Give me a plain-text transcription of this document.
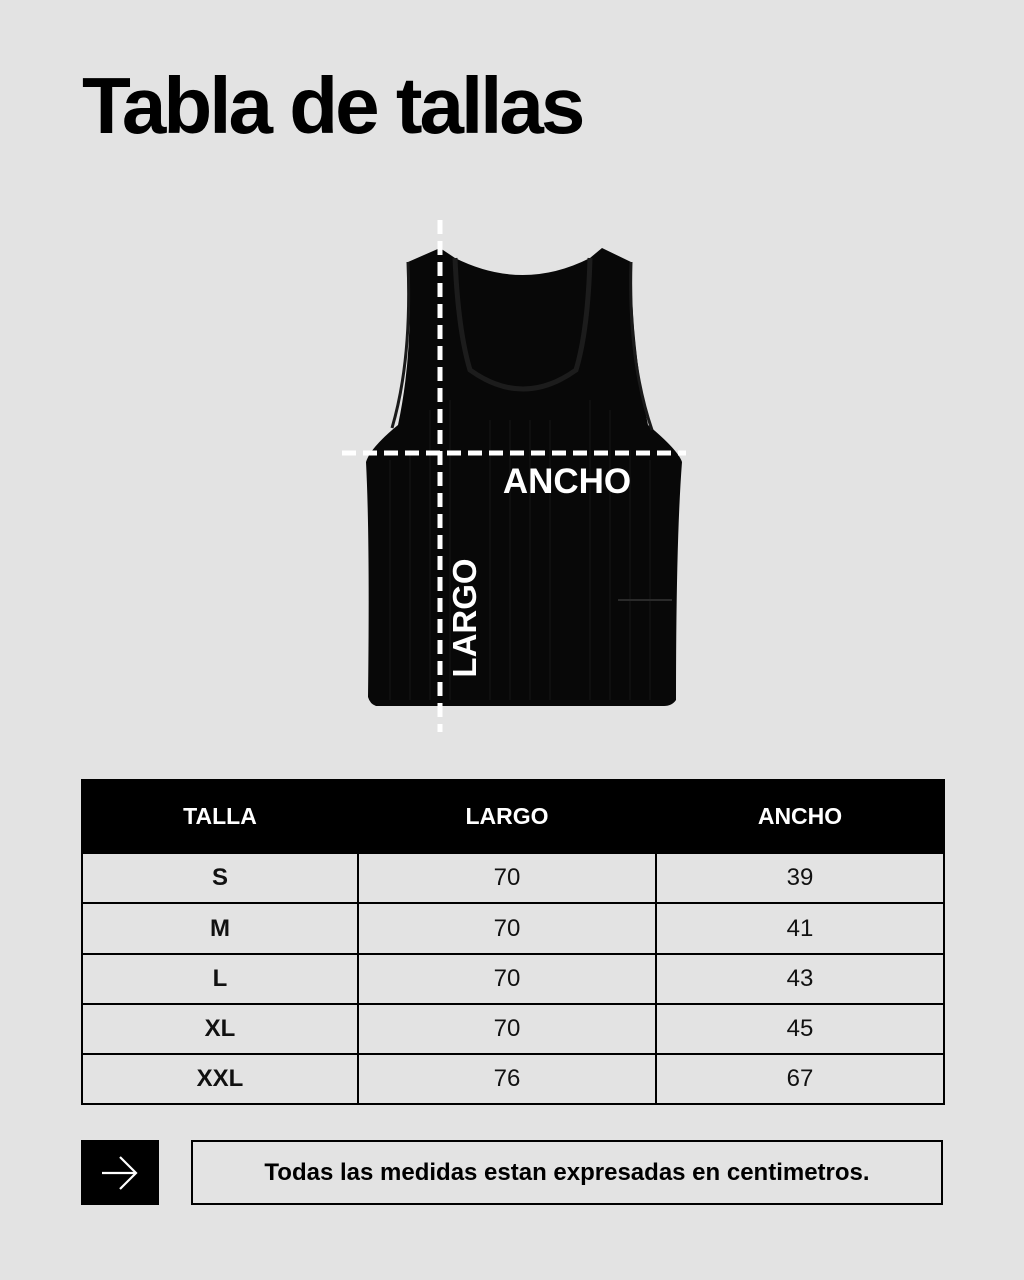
Tabla de tallas
ANCHO
LARGO
TALLA	LARGO	ANCHO
S	70	39
M	70	41
L	70	43
XL	70	45
XXL	76	67
Todas las medidas estan expresadas en centimetros.
